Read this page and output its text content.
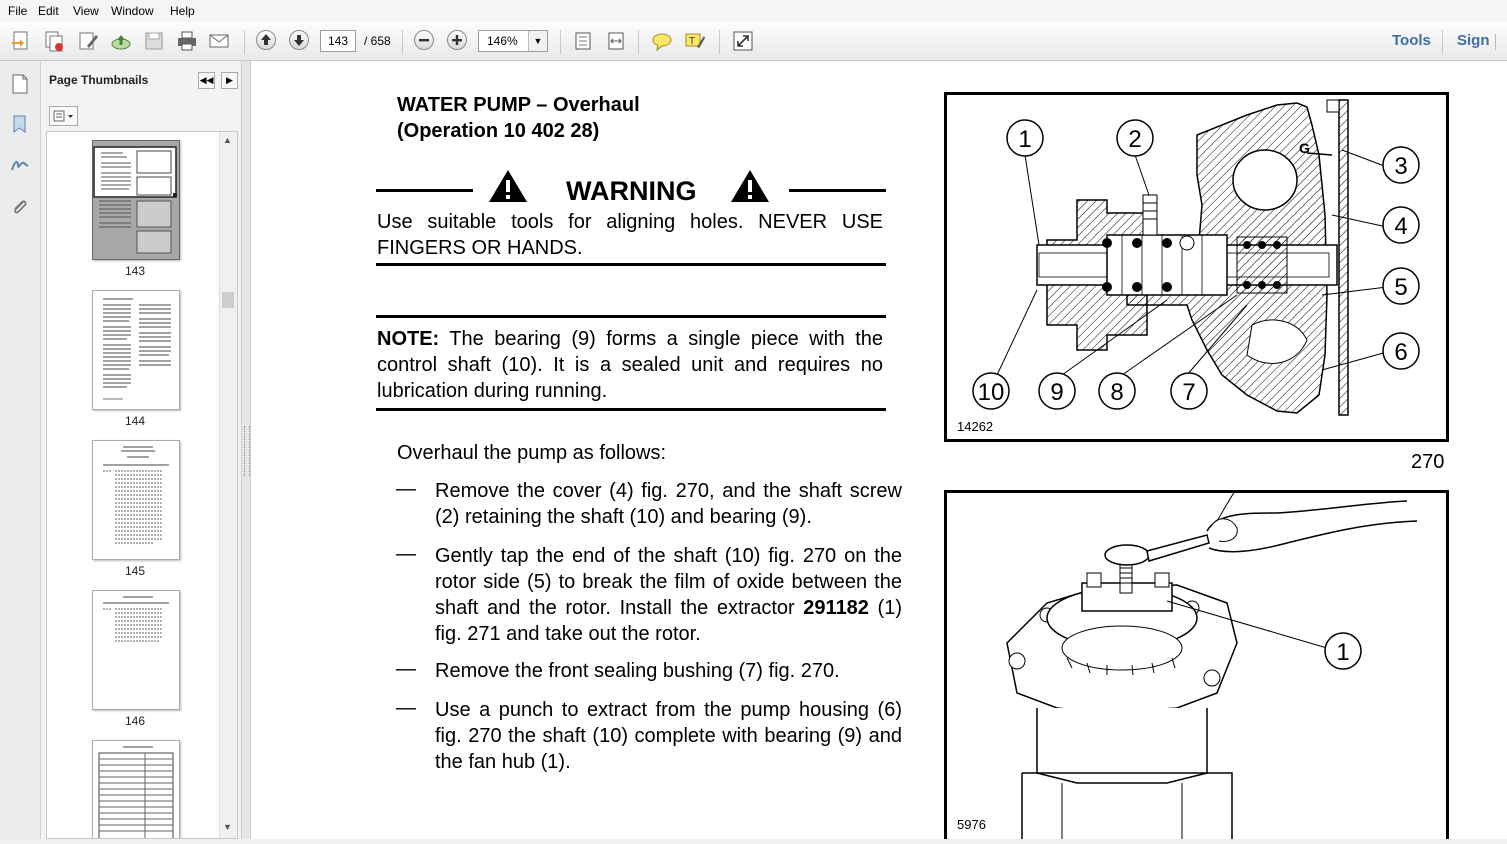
File Edit View Window Help
143	/ 658	146%	▼	T	Tools Sign
Page Thumbnails	◀◀	▶
143
144
145
146
▲
▼
WATER PUMP – Overhaul
(Operation 10 402 28)
WARNING
Use suitable tools for aligning holes. NEVER USE
FINGERS OR HANDS.
NOTE: The bearing (9) forms a single piece with the control shaft (10). It is a sealed unit and requires no lubrication during running.
Overhaul the pump as follows:
— Remove the cover (4) fig. 270, and the shaft screw (2) retaining the shaft (10) and bearing (9).
— Gently tap the end of the shaft (10) fig. 270 on the rotor side (5) to break the film of oxide between the shaft and the rotor. Install the extractor 291182 (1) fig. 271 and take out the rotor.
— Remove the front sealing bushing (7) fig. 270.
— Use a punch to extract from the pump housing (6) fig. 270 the shaft (10) complete with bearing (9) and the fan hub (1).
G
1	2
3
4
5
6
7
8
9
10
14262
270
1
5976
